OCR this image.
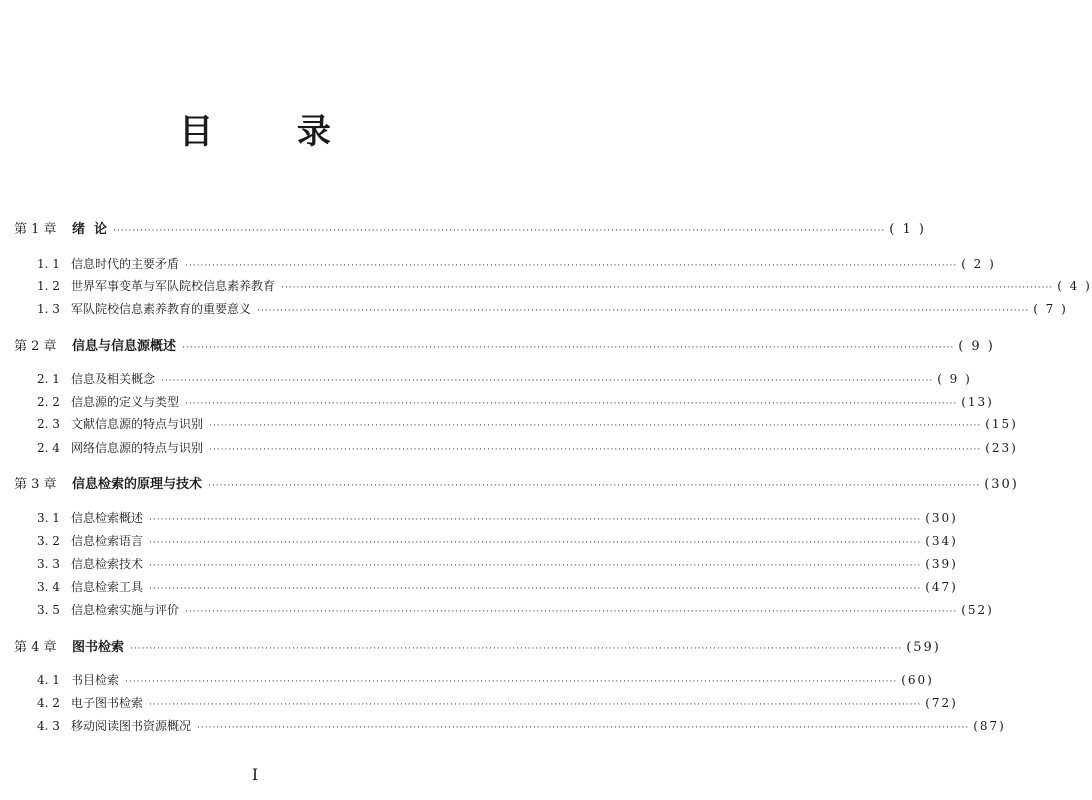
目 录
第 1 章	绪  论 ········································································································································································································ ( 1 )
1. 1 信息时代的主要矛盾 ········································································································································································································ ( 2 )
1. 2 世界军事变革与军队院校信息素养教育 ········································································································································································································ ( 4 )
1. 3 军队院校信息素养教育的重要意义 ········································································································································································································ ( 7 )
第 2 章	信息与信息源概述 ········································································································································································································ ( 9 )
2. 1 信息及相关概念 ········································································································································································································ ( 9 )
2. 2 信息源的定义与类型 ········································································································································································································ (13)
2. 3 文献信息源的特点与识别 ········································································································································································································ (15)
2. 4 网络信息源的特点与识别 ········································································································································································································ (23)
第 3 章	信息检索的原理与技术 ········································································································································································································ (30)
3. 1 信息检索概述 ········································································································································································································ (30)
3. 2 信息检索语言 ········································································································································································································ (34)
3. 3 信息检索技术 ········································································································································································································ (39)
3. 4 信息检索工具 ········································································································································································································ (47)
3. 5 信息检索实施与评价 ········································································································································································································ (52)
第 4 章	图书检索 ········································································································································································································ (59)
4. 1 书目检索 ········································································································································································································ (60)
4. 2 电子图书检索 ········································································································································································································ (72)
4. 3 移动阅读图书资源概况 ········································································································································································································ (87)
I
